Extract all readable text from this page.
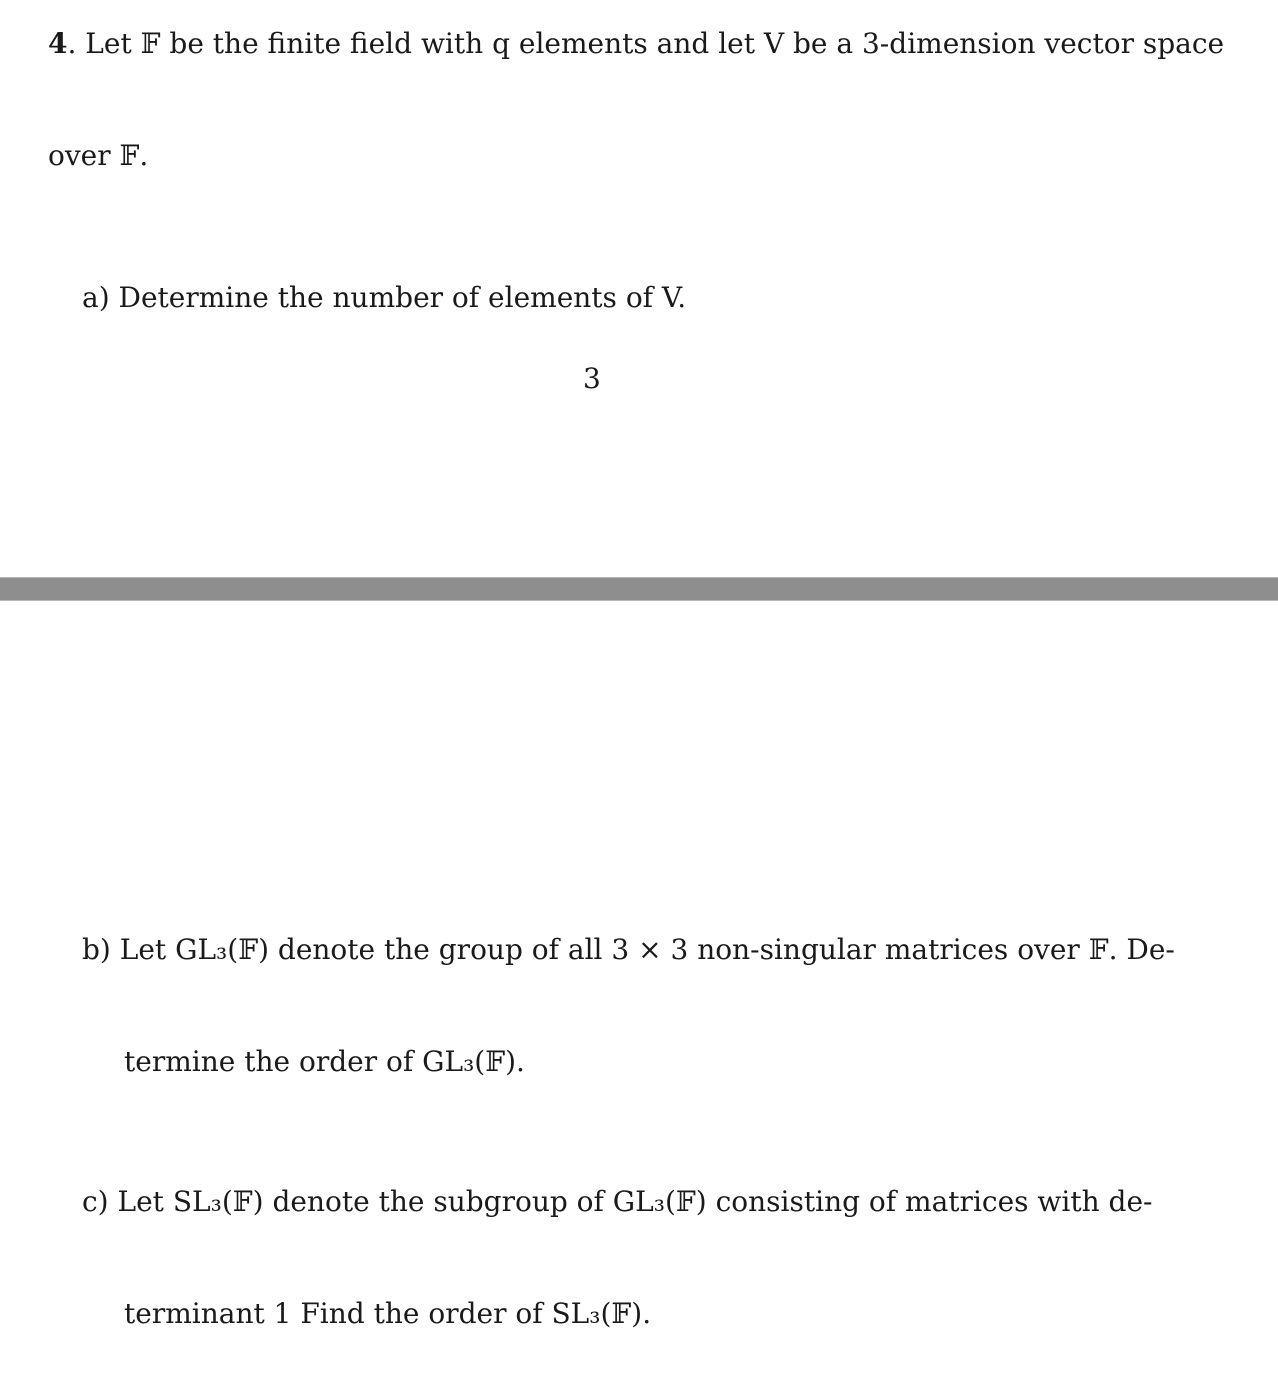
4. Let 𝔽 be the finite field with q elements and let V be a 3-dimension vector space
over 𝔽.
a) Determine the number of elements of V.
3
b) Let GL₃(𝔽) denote the group of all 3 × 3 non-singular matrices over 𝔽. De-
termine the order of GL₃(𝔽).
c) Let SL₃(𝔽) denote the subgroup of GL₃(𝔽) consisting of matrices with de-
terminant 1 Find the order of SL₃(𝔽).
